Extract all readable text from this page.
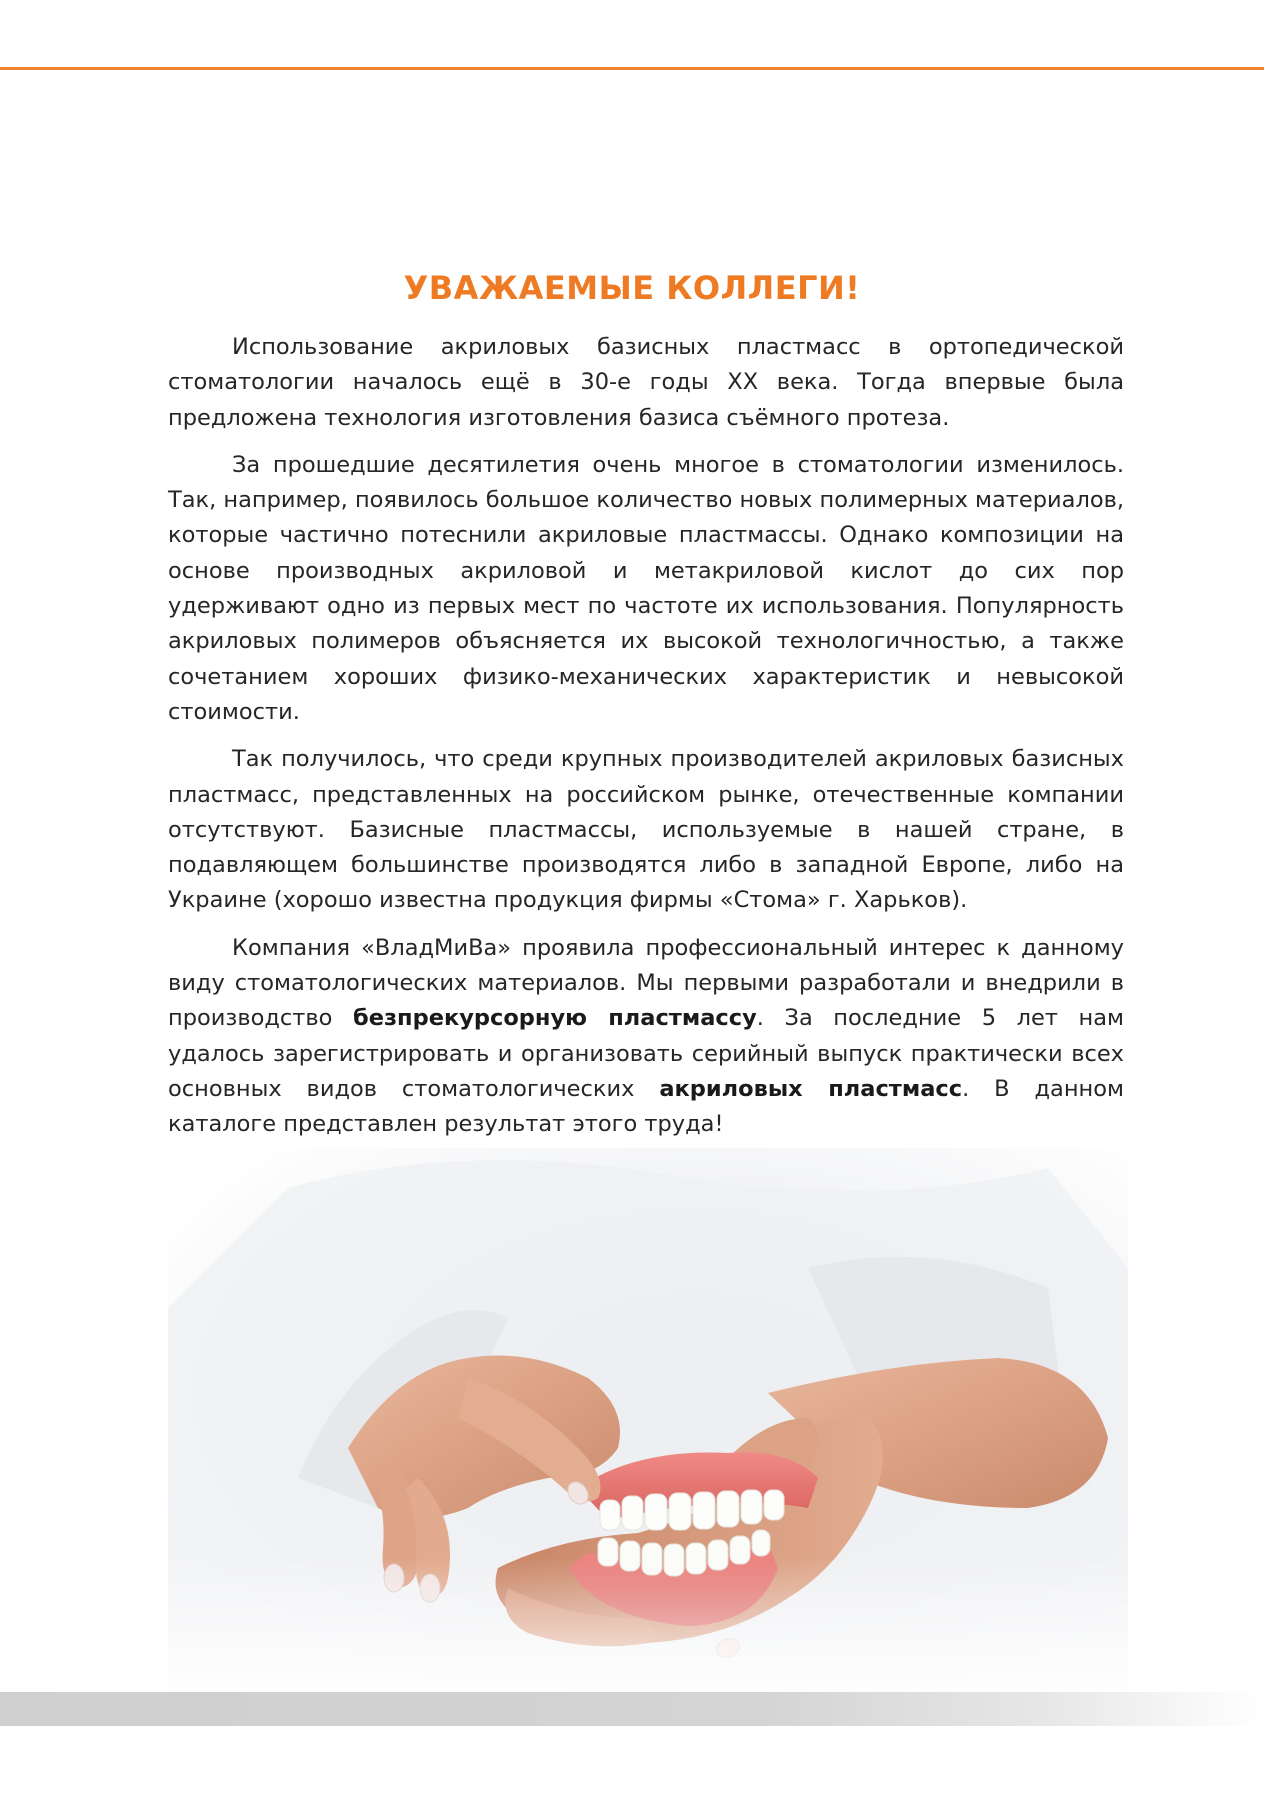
УВАЖАЕМЫЕ КОЛЛЕГИ!

Использование акриловых базисных пластмасс в ортопедической стоматологии началось ещё в 30-е годы XX века. Тогда впервые была предложена технология изготовления базиса съёмного протеза.

За прошедшие десятилетия очень многое в стоматологии изменилось. Так, например, появилось большое количество новых полимерных материалов, которые частично потеснили акриловые пластмассы. Однако композиции на основе производных акриловой и метакриловой кислот до сих пор удерживают одно из первых мест по частоте их использования. Популярность акриловых полимеров объясняется их высокой технологичностью, а также сочетанием хороших физико-механических характеристик и невысокой стоимости.

Так получилось, что среди крупных производителей акриловых базисных пластмасс, представленных на российском рынке, отечественные компании отсутствуют. Базисные пластмассы, используемые в нашей стране, в подавляющем большинстве производятся либо в западной Европе, либо на Украине (хорошо известна продукция фирмы «Стома» г. Харьков).

Компания «ВладМиВа» проявила профессиональный интерес к данному виду стоматологических материалов. Мы первыми разработали и внедрили в производство безпрекурсорную пластмассу. За последние 5 лет нам удалось зарегистрировать и организовать серийный выпуск практически всех основных видов стоматологических акриловых пластмасс. В данном каталоге представлен результат этого труда!
